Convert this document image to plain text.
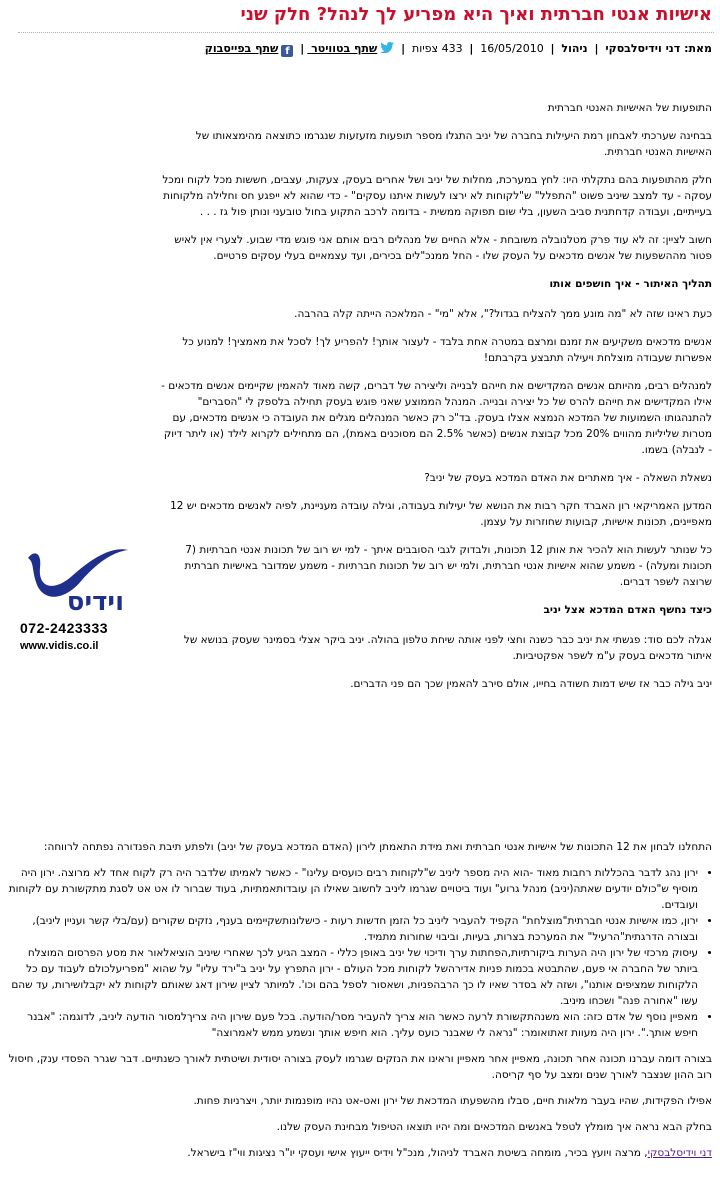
אישיות אנטי חברתית ואיך היא מפריע לך לנהל? חלק שני
מאת: דני וידיסלבסקי | ניהול | 16/05/2010 | 433 צפיות | שתף בטוויטר | fשתף בפייסבוק

התופעות של האישיות האנטי חברתית

בבחינה שערכתי לאבחון רמת היעילות בחברה של יניב התגלו מספר תופעות מזעזעות שנגרמו כתוצאה מהימצאותו של האישיות האנטי חברתית.

חלק מהתופעות בהם נתקלתי היו: לחץ במערכת, מחלות של יניב ושל אחרים בעסק, צעקות, עצבים, חששות מכל לקוח ומכל עסקה - עד למצב שיניב פשוט "התפלל" ש"לקוחות לא ירצו לעשות איתנו עסקים" - כדי שהוא לא ייפגע חס וחלילה מלקוחות בעייתיים, ועבודה קדחתנית סביב השעון, בלי שום תפוקה ממשית - בדומה לרכב התקוע בחול טובעני ונותן פול גז . . .

חשוב לציין: זה לא עוד פרק מטלנובלה משובחת - אלא החיים של מנהלים רבים אותם אני פוגש מדי שבוע. לצערי אין לאיש פטור מההשפעות של אנשים מדכאים על העסק שלו - החל ממנכ"לים בכירים, ועד עצמאיים בעלי עסקים פרטיים.

תהליך האיתור - איך חושפים אותו

כעת ראינו שזה לא "מה מונע ממך להצליח בגדול?", אלא "מי" - המלאכה הייתה קלה בהרבה.

אנשים מדכאים משקיעים את זמנם ומרצם במטרה אחת בלבד - לעצור אותך! להפריע לך! לסכל את מאמציך! למנוע כל אפשרות שעבודה מוצלחת ויעילה תתבצע בקרבתם!

למנהלים רבים, מהיותם אנשים המקדישים את חייהם לבנייה וליצירה של דברים, קשה מאוד להאמין שקיימים אנשים מדכאים - אילו המקדישים את חייהם להרס של כל יצירה ובנייה. המנהל הממוצע שאני פוגש בעסק תחילה בלספק לי "הסברים" להתנהגותו השמועות של המדכא הנמצא אצלו בעסק. בד"כ רק כאשר המנהלים מגלים את העובדה כי אנשים מדכאים, עם מטרות שליליות מהווים 20% מכל קבוצת אנשים (כאשר 2.5% הם מסוכנים באמת), הם מתחילים לקרוא לילד (או ליתר דיוק - לנבלה) בשמו.

נשאלת השאלה - איך מאתרים את האדם המדכא בעסק של יניב?

המדען האמריקאי רון האברד חקר רבות את הנושא של יעילות בעבודה, וגילה עובדה מעניינת, לפיה לאנשים מדכאים יש 12 מאפיינים, תכונות אישיות, קבועות שחוזרות על עצמן.

כל שנותר לעשות הוא להכיר את אותן 12 תכונות, ולבדוק לגבי הסובבים איתך - למי יש רוב של תכונות אנטי חברתיות (7 תכונות ומעלה) - משמע שהוא אישיות אנטי חברתית, ולמי יש רוב של תכונות חברתיות - משמע שמדובר באישיות חברתית שרוצה לשפר דברים.

כיצד נחשף האדם המדכא אצל יניב

אגלה לכם סוד: פגשתי את יניב כבר כשנה וחצי לפני אותה שיחת טלפון בהולה. יניב ביקר אצלי בסמינר שעסק בנושא של איתור מדכאים בעסק ע"מ לשפר אפקטיביות.

יניב גילה כבר אז שיש דמות חשודה בחייו, אולם סירב להאמין שכך הם פני הדברים.

התחלנו לבחון את 12 התכונות של אישיות אנטי חברתית ואת מידת התאמתן לירון (האדם המדכא בעסק של יניב) ולפתע תיבת הפנדורה נפתחה לרווחה:

• ירון נהג לדבר בהכללות רחבות מאוד -הוא היה מספר ליניב ש"לקוחות רבים כועסים עלינו" - כאשר לאמיתו שלדבר היה רק לקוח אחד לא מרוצה. ירון היה מוסיף ש"כולם יודעים שאתה(יניב) מנהל גרוע" ועוד ביטויים שגרמו ליניב לחשוב שאילו הן עובדותאמתיות, בעוד שברור לו אט אט לסגת מתקשורת עם לקוחות ועובדים.
• ירון, כמו אישיות אנטי חברתית"מוצלחת" הקפיד להעביר ליניב כל הזמן חדשות רעות - כישלונותשקיימים בענף, נזקים שקורים (עם/בלי קשר ועניין ליניב), ובצורה הדרגתית"הרעיל" את המערכת בצרות, בעיות, וביבוי שחורות מתמיד.
• עיסוק מרכזי של ירון היה הערות ביקורתיות,הפחתות ערך ודיכוי של יניב באופן כללי - המצב הגיע לכך שאחרי שיניב הוציאלאור את מסע הפרסום המוצלח ביותר של החברה אי פעם, שהתבטא בכמות פניות אדירהשל לקוחות מכל העולם - ירון התפרץ על יניב ב"ירד עליו" על שהוא "מפריעלכולם לעבוד עם כל הלקוחות שמציפים אותנו", ושזה לא בסדר שאיו לו כך הרבהפניות, ושאסור לספל בהם וכו'. למיותר לציין שירון דאג שאותם לקוחות לא יקבלושירות, עד שהם עשו "אחורה פנה" ושכחו מיניב.
• מאפיין נוסף של אדם כזה: הוא משנהתקשורת לרעה כאשר הוא צריך להעביר מסר/הודעה. בכל פעם שירון היה צריךלמסור הודעה ליניב, לדוגמה: "אבנר חיפש אותך.". ירון היה מעוות זאתואומר: "נראה לי שאבנר כועס עליך. הוא חיפש אותך ונשמע ממש לאמרוצה"

בצורה דומה עברנו תכונה אחר תכונה, מאפיין אחר מאפיין וראינו את הנזקים שגרמו לעסק בצורה יסודית ושיטתית לאורך כשנתיים. דבר שגרר הפסדי ענק, חיסול רוב ההון שנצבר לאורך שנים ומצב על סף קריסה.

אפילו הפקידות, שהיו בעבר מלאות חיים, סבלו מהשפעתו המדכאת של ירון ואט-אט נהיו מופנמות יותר, ויצרניות פחות.

בחלק הבא נראה איך מומלץ לטפל באנשים המדכאים ומה יהיו תוצאו הטיפול מבחינת העסק שלנו.

דני וידיסלבסקי, מרצה ויועץ בכיר, מומחה בשיטת האברד לניהול, מנכ"ל וידיס ייעוץ אישי ועסקי יו"ר נציגות ווי"ז בישראל.

וידיס
072-2423333
www.vidis.co.il
